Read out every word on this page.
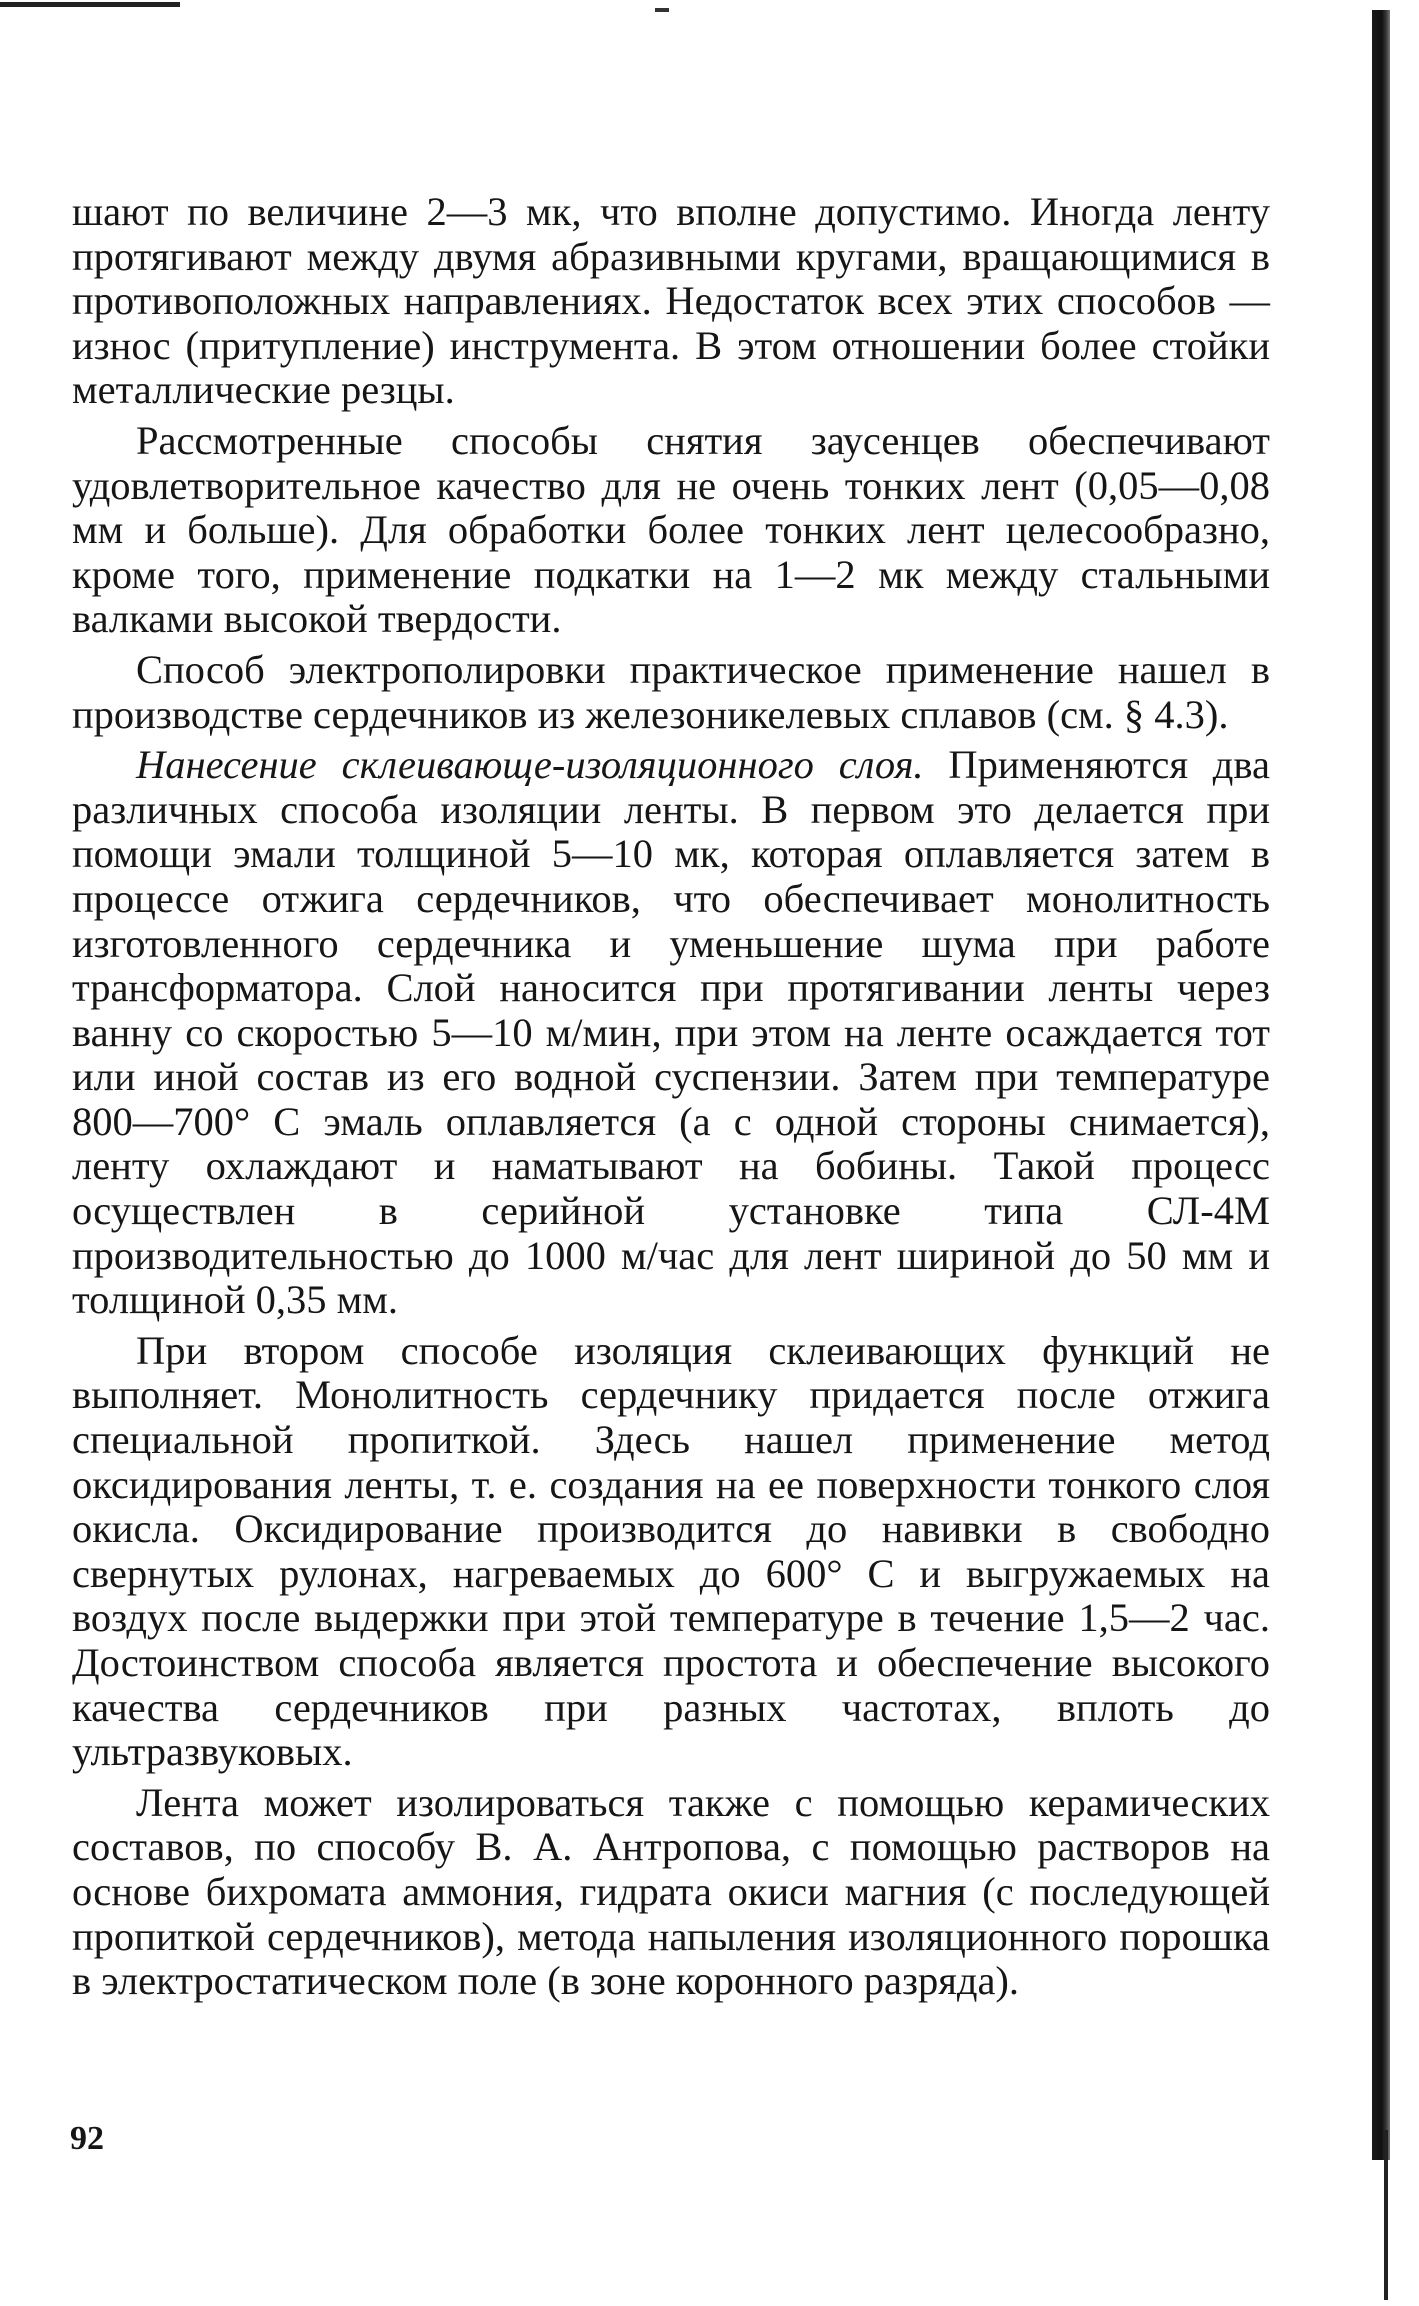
шают по величине 2—3 мк, что вполне допустимо. Иногда ленту протягивают между двумя абразивными кругами, вращающимися в противоположных направлениях. Недостаток всех этих способов — износ (притупление) инструмента. В этом отношении более стойки металлические резцы.

Рассмотренные способы снятия заусенцев обеспечивают удовлетворительное качество для не очень тонких лент (0,05—0,08 мм и больше). Для обработки более тонких лент целесообразно, кроме того, применение подкатки на 1—2 мк между стальными валками высокой твердости.

Способ электрополировки практическое применение нашел в производстве сердечников из железоникелевых сплавов (см. § 4.3).

Нанесение склеивающе-изоляционного слоя. Применяются два различных способа изоляции ленты. В первом это делается при помощи эмали толщиной 5—10 мк, которая оплавляется затем в процессе отжига сердечников, что обеспечивает монолитность изготовленного сердечника и уменьшение шума при работе трансформатора. Слой наносится при протягивании ленты через ванну со скоростью 5—10 м/мин, при этом на ленте осаждается тот или иной состав из его водной суспензии. Затем при температуре 800—700° С эмаль оплавляется (а с одной стороны снимается), ленту охлаждают и наматывают на бобины. Такой процесс осуществлен в серийной установке типа СЛ-4М производительностью до 1000 м/час для лент шириной до 50 мм и толщиной 0,35 мм.

При втором способе изоляция склеивающих функций не выполняет. Монолитность сердечнику придается после отжига специальной пропиткой. Здесь нашел применение метод оксидирования ленты, т. е. создания на ее поверхности тонкого слоя окисла. Оксидирование производится до навивки в свободно свернутых рулонах, нагреваемых до 600° С и выгружаемых на воздух после выдержки при этой температуре в течение 1,5—2 час. Достоинством способа является простота и обеспечение высокого качества сердечников при разных частотах, вплоть до ультразвуковых.

Лента может изолироваться также с помощью керамических составов, по способу В. А. Антропова, с помощью растворов на основе бихромата аммония, гидрата окиси магния (с последующей пропиткой сердечников), метода напыления изоляционного порошка в электростатическом поле (в зоне коронного разряда).

92
